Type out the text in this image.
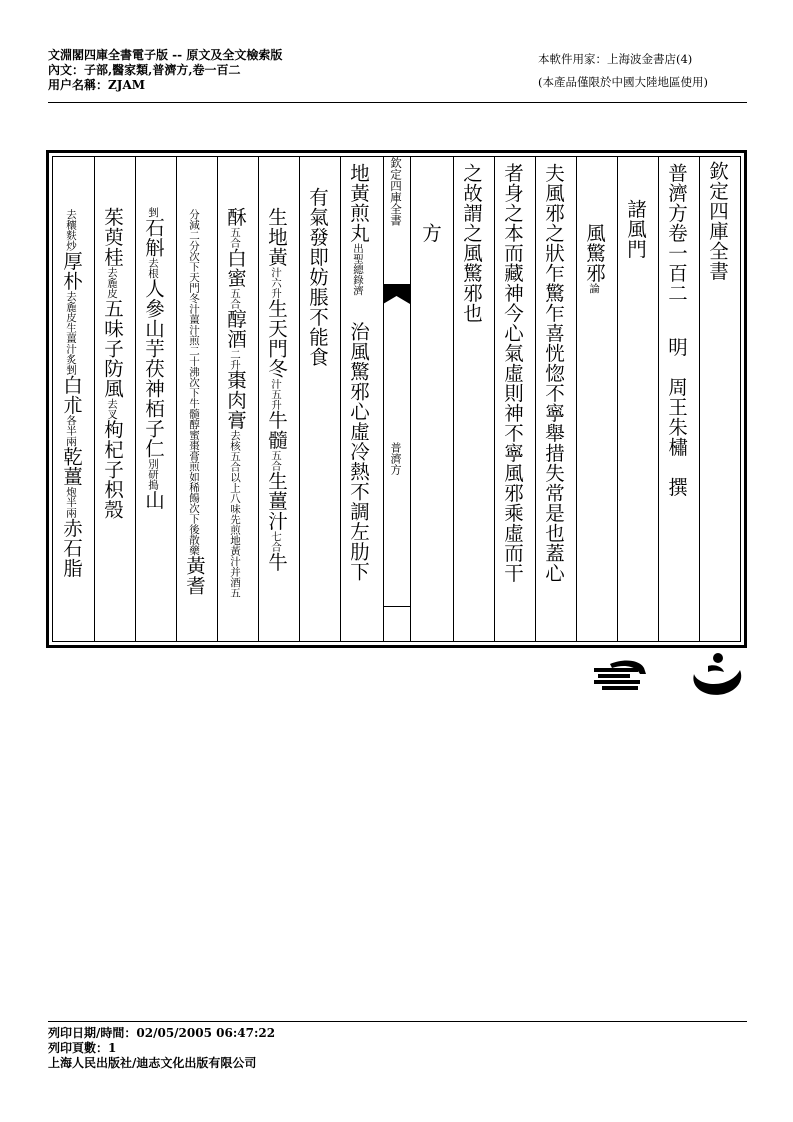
文淵閣四庫全書電子版 -- 原文及全文檢索版
內文：子部,醫家類,普濟方,卷一百二
用户名稱：ZJAM
本軟件用家：上海波金書店(4)
(本產品僅限於中國大陸地區使用)
欽定四庫全書
普濟方
欽定四庫全書
普濟方卷一百二明　周王朱橚　撰
諸風門
風驚邪論
夫風邪之狀乍驚乍喜恍惚不寧舉措失常是也蓋心
者身之本而藏神今心氣虛則神不寧風邪乘虛而干
之故謂之風驚邪也
方
地黃煎丸出聖總錄濟治風驚邪心虛冷熱不調左肋下
有氣發即妨脹不能食
生地黃汁六升生天門冬汁五升牛髓五合生薑汁七合牛
酥五合白蜜五合醇酒二升棗肉膏去核五合以上八味先煎地黃汁并酒五
分減二分次下天門冬汁薑汁煎二十沸次下牛髓醇蜜棗膏煎如稀餳次下後散藥黃耆
剉石斛去根人參山芋茯神栢子仁別研搗山
茱萸桂去麁皮五味子防風去叉枸杞子枳殼
去穰麩炒厚朴去麁皮生薑汁炙剉白朮各半兩乾薑炮半兩赤石脂
列印日期/時間：02/05/2005 06:47:22
列印頁數：1
上海人民出版社/迪志文化出版有限公司
